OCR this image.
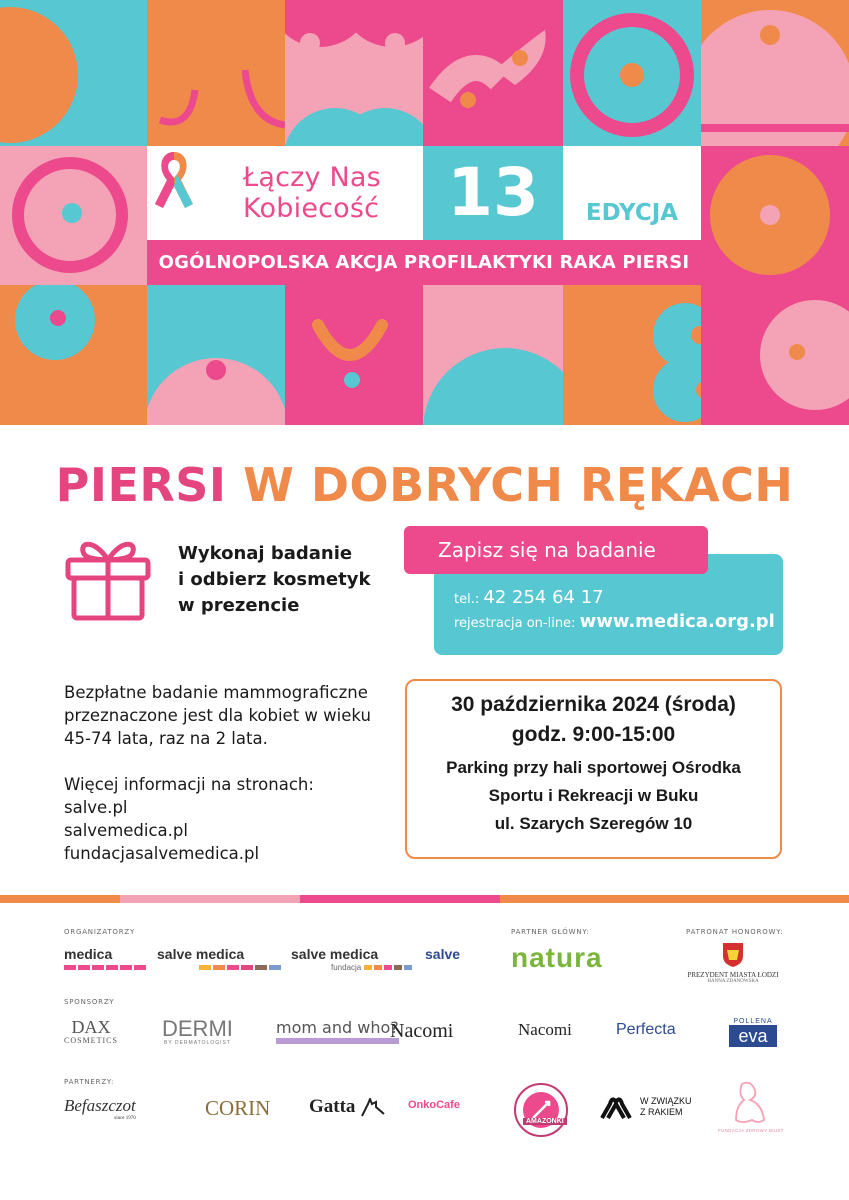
Łączy Nas
Kobiecość	13	EDYCJA
OGÓLNOPOLSKA AKCJA PROFILAKTYKI RAKA PIERSI
PIERSI W DOBRYCH RĘKACH
Wykonaj badanie
i odbierz kosmetyk
w prezencie
Zapisz się na badanie
tel.: 42 254 64 17
rejestracja on-line: www.medica.org.pl

Bezpłatne badanie mammograficzne
przeznaczone jest dla kobiet w wieku
45-74 lata, raz na 2 lata.

Więcej informacji na stronach:
salve.pl
salvemedica.pl
fundacjasalvemedica.pl
30 października 2024 (środa)
godz. 9:00-15:00
Parking przy hali sportowej Ośrodka
Sportu i Rekreacji w Buku
ul. Szarych Szeregów 10
ORGANIZATORZY	PARTNER GŁÓWNY:	PATRONAT HONOROWY:
medica	salve medica	salve medica
fundacja
salve natura
PREZYDENT MIASTA ŁODZI
HANNA ZDANOWSKA
SPONSORZY
DAX
COSMETICS DERMI
BY DERMATOLOGIST
mom and who?
Nacomi	Nacomi	Perfecta	POLLENA
eva
PARTNERZY:
Befaszczot
since 1970	CORIN Gatta	OnkoCafe
AMAZONKI
W ZWIĄZKU
Z RAKIEM
FUNDACJA ZDROWY BIUST
